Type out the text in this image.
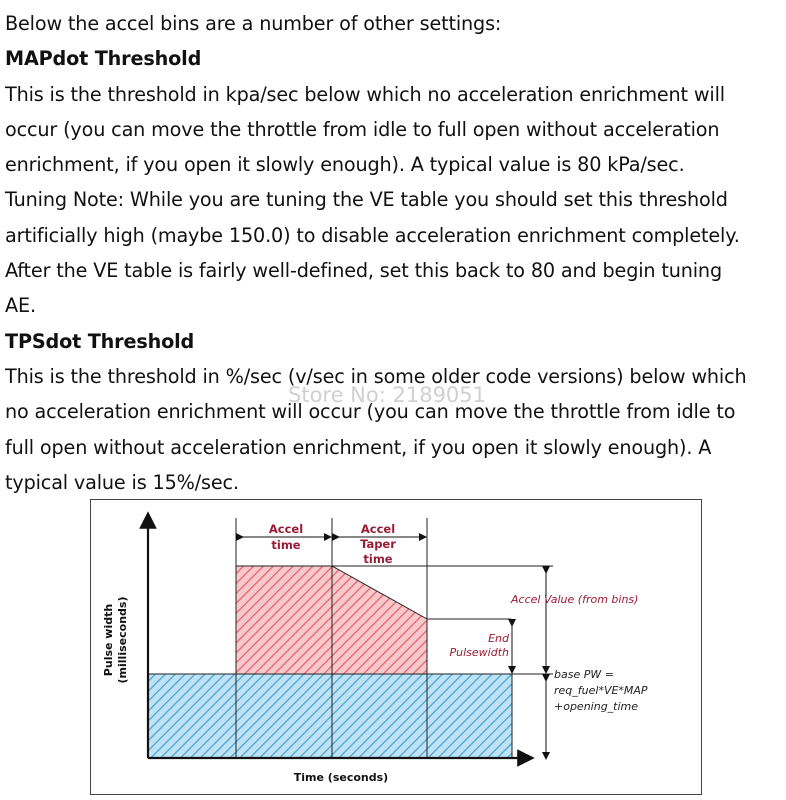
Below the accel bins are a number of other settings:
MAPdot Threshold
This is the threshold in kpa/sec below which no acceleration enrichment will
occur (you can move the throttle from idle to full open without acceleration
enrichment, if you open it slowly enough). A typical value is 80 kPa/sec.
Tuning Note: While you are tuning the VE table you should set this threshold
artificially high (maybe 150.0) to disable acceleration enrichment completely.
After the VE table is fairly well-defined, set this back to 80 and begin tuning
AE.
TPSdot Threshold
This is the threshold in %/sec (v/sec in some older code versions) below which
no acceleration enrichment will occur (you can move the throttle from idle to
full open without acceleration enrichment, if you open it slowly enough). A
typical value is 15%/sec.
Store No: 2189051
Accel
time
Accel
Taper
time
Accel Value (from bins)
End
Pulsewidth
base PW =
req_fuel*VE*MAP
+opening_time
Time (seconds)
Pulse width (milliseconds)
